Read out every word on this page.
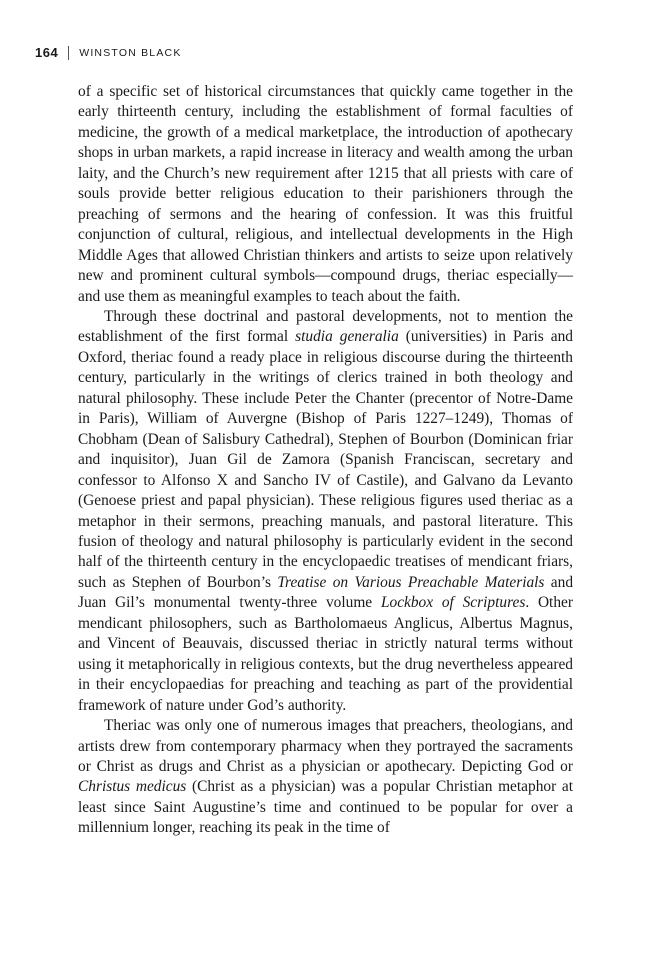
164 WINSTON BLACK

of a specific set of historical circumstances that quickly came together in the early thirteenth century, including the establishment of formal faculties of medicine, the growth of a medical marketplace, the introduction of apothecary shops in urban markets, a rapid increase in literacy and wealth among the urban laity, and the Church’s new requirement after 1215 that all priests with care of souls provide better religious education to their parishioners through the preaching of sermons and the hearing of confession. It was this fruitful conjunction of cultural, religious, and intellectual developments in the High Middle Ages that allowed Christian thinkers and artists to seize upon relatively new and prominent cultural symbols—compound drugs, theriac especially—and use them as meaningful examples to teach about the faith.

Through these doctrinal and pastoral developments, not to mention the establishment of the first formal studia generalia (universities) in Paris and Oxford, theriac found a ready place in religious discourse during the thirteenth century, particularly in the writings of clerics trained in both theology and natural philosophy. These include Peter the Chanter (precentor of Notre-Dame in Paris), William of Auvergne (Bishop of Paris 1227–1249), Thomas of Chobham (Dean of Salisbury Cathedral), Stephen of Bourbon (Dominican friar and inquisitor), Juan Gil de Zamora (Spanish Franciscan, secretary and confessor to Alfonso X and Sancho IV of Castile), and Galvano da Levanto (Genoese priest and papal physician). These religious figures used theriac as a metaphor in their sermons, preaching manuals, and pastoral literature. This fusion of theology and natural philosophy is particularly evident in the second half of the thirteenth century in the encyclopaedic treatises of mendicant friars, such as Stephen of Bourbon’s Treatise on Various Preachable Materials and Juan Gil’s monumental twenty-three volume Lockbox of Scriptures. Other mendicant philosophers, such as Bartholomaeus Anglicus, Albertus Magnus, and Vincent of Beauvais, discussed theriac in strictly natural terms without using it metaphorically in religious contexts, but the drug nevertheless appeared in their encyclopaedias for preaching and teaching as part of the providential framework of nature under God’s authority.

Theriac was only one of numerous images that preachers, theologians, and artists drew from contemporary pharmacy when they portrayed the sacraments or Christ as drugs and Christ as a physician or apothecary. Depicting God or Christus medicus (Christ as a physician) was a popular Christian metaphor at least since Saint Augustine’s time and continued to be popular for over a millennium longer, reaching its peak in the time of
